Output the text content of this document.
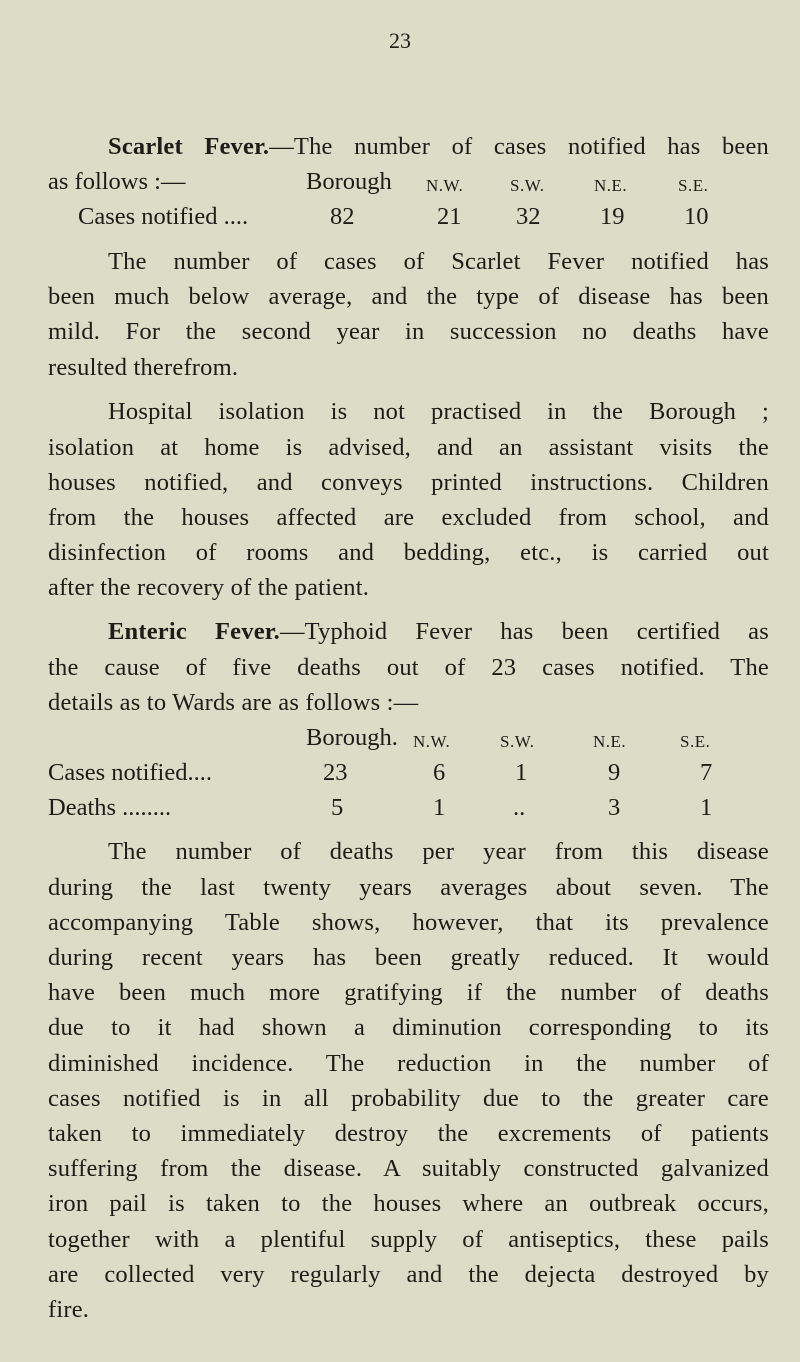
23
Scarlet Fever.—The number of cases notified has been
as follows :—	Borough N.W.	S.W.	N.E.	S.E.
Cases notified ....	82	21 32 19 10
The number of cases of Scarlet Fever notified has
been much below average, and the type of disease has been
mild. For the second year in succession no deaths have
resulted therefrom.
Hospital isolation is not practised in the Borough ;
isolation at home is advised, and an assistant visits the
houses notified, and conveys printed instructions. Children
from the houses affected are excluded from school, and
disinfection of rooms and bedding, etc., is carried out
after the recovery of the patient.
Enteric Fever.—Typhoid Fever has been certified as
the cause of five deaths out of 23 cases notified. The
details as to Wards are as follows :—
Borough. N.W.	S.W.	N.E.	S.E.
Cases notified....	23	6	1	9	7
Deaths ........	5	1	..	3	1
The number of deaths per year from this disease
during the last twenty years averages about seven. The
accompanying Table shows, however, that its prevalence
during recent years has been greatly reduced. It would
have been much more gratifying if the number of deaths
due to it had shown a diminution corresponding to its
diminished incidence. The reduction in the number of
cases notified is in all probability due to the greater care
taken to immediately destroy the excrements of patients
suffering from the disease. A suitably constructed galvanized
iron pail is taken to the houses where an outbreak occurs,
together with a plentiful supply of antiseptics, these pails
are collected very regularly and the dejecta destroyed by
fire.
